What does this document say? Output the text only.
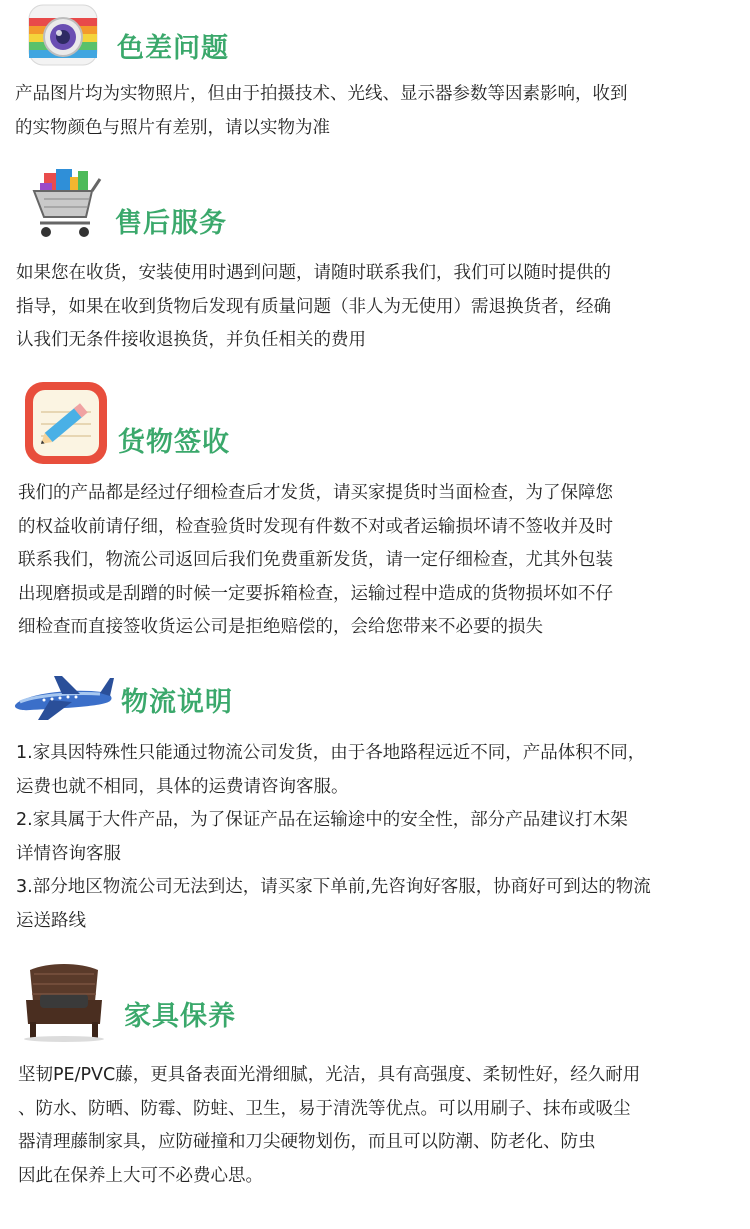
色差问题
产品图片均为实物照片，但由于拍摄技术、光线、显示器参数等因素影响，收到
的实物颜色与照片有差别，请以实物为准
售后服务
如果您在收货，安装使用时遇到问题，请随时联系我们，我们可以随时提供的
指导，如果在收到货物后发现有质量问题（非人为无使用）需退换货者，经确
认我们无条件接收退换货，并负任相关的费用
货物签收
我们的产品都是经过仔细检查后才发货，请买家提货时当面检查，为了保障您
的权益收前请仔细，检查验货时发现有件数不对或者运输损坏请不签收并及时
联系我们，物流公司返回后我们免费重新发货，请一定仔细检查，尤其外包装
出现磨损或是刮蹭的时候一定要拆箱检查，运输过程中造成的货物损坏如不仔
细检查而直接签收货运公司是拒绝赔偿的，会给您带来不必要的损失
物流说明
1.家具因特殊性只能通过物流公司发货，由于各地路程远近不同，产品体积不同，
运费也就不相同，具体的运费请咨询客服。
2.家具属于大件产品，为了保证产品在运输途中的安全性，部分产品建议打木架
详情咨询客服
3.部分地区物流公司无法到达，请买家下单前,先咨询好客服，协商好可到达的物流
运送路线
家具保养
坚韧PE/PVC藤，更具备表面光滑细腻，光洁，具有高强度、柔韧性好，经久耐用
、防水、防晒、防霉、防蛀、卫生，易于清洗等优点。可以用刷子、抹布或吸尘
器清理藤制家具，应防碰撞和刀尖硬物划伤，而且可以防潮、防老化、防虫
因此在保养上大可不必费心思。
